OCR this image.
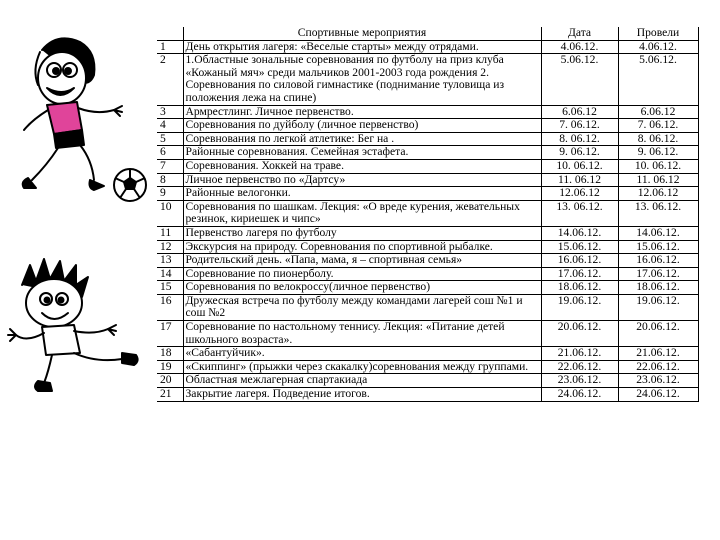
	Спортивные мероприятия	Дата	Провели
1	День открытия лагеря: «Веселые старты» между отрядами.	4.06.12.	4.06.12.
2	1.Областные зональные соревнования по футболу на приз клуба «Кожаный мяч» среди мальчиков 2001-2003 года рождения 2. Соревнования по силовой гимнастике (поднимание туловища из положения лежа на спине)	5.06.12.	5.06.12.
3	Армрестлинг. Личное первенство.	6.06.12	6.06.12
4	Соревнования по дуйболу (личное первенство)	7. 06.12.	7. 06.12.
5	Соревнования по легкой атлетике: Бег на .	8. 06.12.	8. 06.12.
6	Районные соревнования. Семейная эстафета.	9. 06.12.	9. 06.12.
7	Соревнования. Хоккей на траве.	10. 06.12.	10. 06.12.
8	Личное первенство по «Дартсу»	11. 06.12	11. 06.12
9	Районные велогонки.	12.06.12	12.06.12
10	Соревнования по шашкам. Лекция: «О вреде курения, жевательных резинок, кириешек и чипс»	13. 06.12.	13. 06.12.
11	Первенство лагеря по футболу	14.06.12.	14.06.12.
12	Экскурсия на природу. Соревнования по спортивной рыбалке.	15.06.12.	15.06.12.
13	Родительский день. «Папа, мама, я – спортивная семья»	16.06.12.	16.06.12.
14	Соревнование по пионерболу.	17.06.12.	17.06.12.
15	Соревнования по велокроссу(личное первенство)	18.06.12.	18.06.12.
16	Дружеская встреча по футболу между командами лагерей сош №1 и сош №2	19.06.12.	19.06.12.
17	Соревнование по настольному теннису. Лекция: «Питание детей школьного возраста».	20.06.12.	20.06.12.
18	«Сабантуйчик».	21.06.12.	21.06.12.
19	«Скиппинг» (прыжки через скакалку)соревнования между группами.	22.06.12.	22.06.12.
20	Областная межлагерная спартакиада	23.06.12.	23.06.12.
21	Закрытие лагеря. Подведение итогов.	24.06.12.	24.06.12.
